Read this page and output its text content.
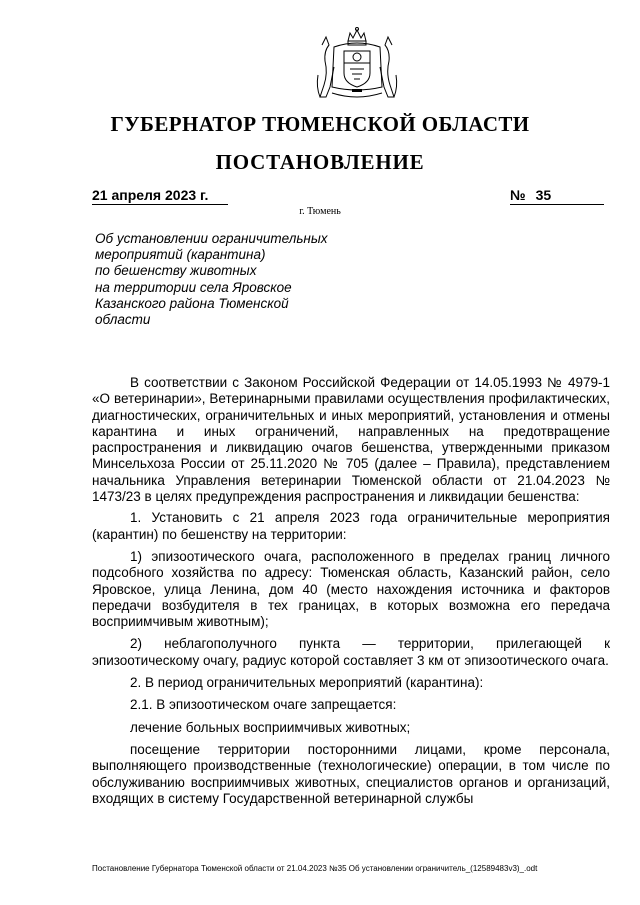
ГУБЕРНАТОР ТЮМЕНСКОЙ ОБЛАСТИ
ПОСТАНОВЛЕНИЕ
21 апреля 2023 г.	№ 35
г. Тюмень
Об установлении ограничительных
мероприятий (карантина)
по бешенству животных
на территории села Яровское
Казанского района Тюменской
области

В соответствии с Законом Российской Федерации от 14.05.1993 № 4979-1 «О ветеринарии», Ветеринарными правилами осуществления профилактических, диагностических, ограничительных и иных мероприятий, установления и отмены карантина и иных ограничений, направленных на предотвращение распространения и ликвидацию очагов бешенства, утвержденными приказом Минсельхоза России от 25.11.2020 № 705 (далее – Правила), представлением начальника Управления ветеринарии Тюменской области от 21.04.2023 № 1473/23 в целях предупреждения распространения и ликвидации бешенства:

1. Установить с 21 апреля 2023 года ограничительные мероприятия (карантин) по бешенству на территории:

1) эпизоотического очага, расположенного в пределах границ личного подсобного хозяйства по адресу: Тюменская область, Казанский район, село Яровское, улица Ленина, дом 40 (место нахождения источника и факторов передачи возбудителя в тех границах, в которых возможна его передача восприимчивым животным);

2) неблагополучного пункта — территории, прилегающей к эпизоотическому очагу, радиус которой составляет 3 км от эпизоотического очага.

2. В период ограничительных мероприятий (карантина):

2.1. В эпизоотическом очаге запрещается:

лечение больных восприимчивых животных;

посещение территории посторонними лицами, кроме персонала, выполняющего производственные (технологические) операции, в том числе по обслуживанию восприимчивых животных, специалистов органов и организаций, входящих в систему Государственной ветеринарной службы

Постановление Губернатора Тюменской области от 21.04.2023 №35 Об установлении ограничитель_(12589483v3)_.odt
